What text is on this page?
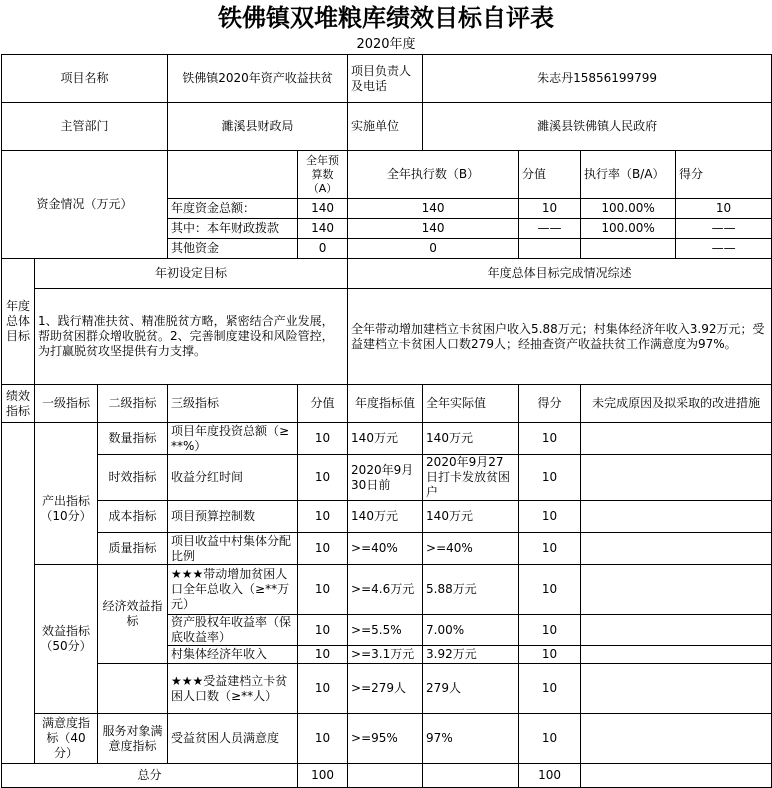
铁佛镇双堆粮库绩效目标自评表
2020年度
项目名称			铁佛镇2020年资产收益扶贫		项目负责人及电话	朱志丹15856199799			
主管部门			濉溪县财政局		实施单位	濉溪县铁佛镇人民政府			
资金情况（万元）				全年预算数（A）	全年执行数（B）		分值	执行率（B/A）	得分
			年度资金总额：	140	140		10	100.00%	10
			其中：本年财政拨款	140	140		——	100.00%	——
			其他资金	0	0				——
年度总体目标	年初设定目标				年度总体目标完成情况综述				
	1、践行精准扶贫、精准脱贫方略，紧密结合产业发展，帮助贫困群众增收脱贫。2、完善制度建设和风险管控，为打赢脱贫攻坚提供有力支撑。				全年带动增加建档立卡贫困户收入5.88万元；村集体经济年收入3.92万元；受益建档立卡贫困人口数279人；经抽查资产收益扶贫工作满意度为97%。				
绩效指标	一级指标	二级指标	三级指标	分值	年度指标值	全年实际值	得分	未完成原因及拟采取的改进措施	
		数量指标	项目年度投资总额（≥**%）	10	140万元	140万元	10		
	产出指标（10分）	时效指标	收益分红时间	10	2020年9月30日前	2020年9月27日打卡发放贫困户	10		
		成本指标	项目预算控制数	10	140万元	140万元	10		
		质量指标	项目收益中村集体分配比例	10	>=40%	>=40%	10		
	效益指标（50分）	经济效益指标	★★★带动增加贫困人口全年总收入（≥**万元）	10	>=4.6万元	5.88万元	10		
			资产股权年收益率（保底收益率）	10	>=5.5%	7.00%	10		
			村集体经济年收入	10	>=3.1万元	3.92万元	10		
			★★★受益建档立卡贫困人口数（≥**人）	10	>=279人	279人	10		
	满意度指标（40分）	服务对象满意度指标	受益贫困人员满意度	10	>=95%	97%	10		
总分				100			100		
